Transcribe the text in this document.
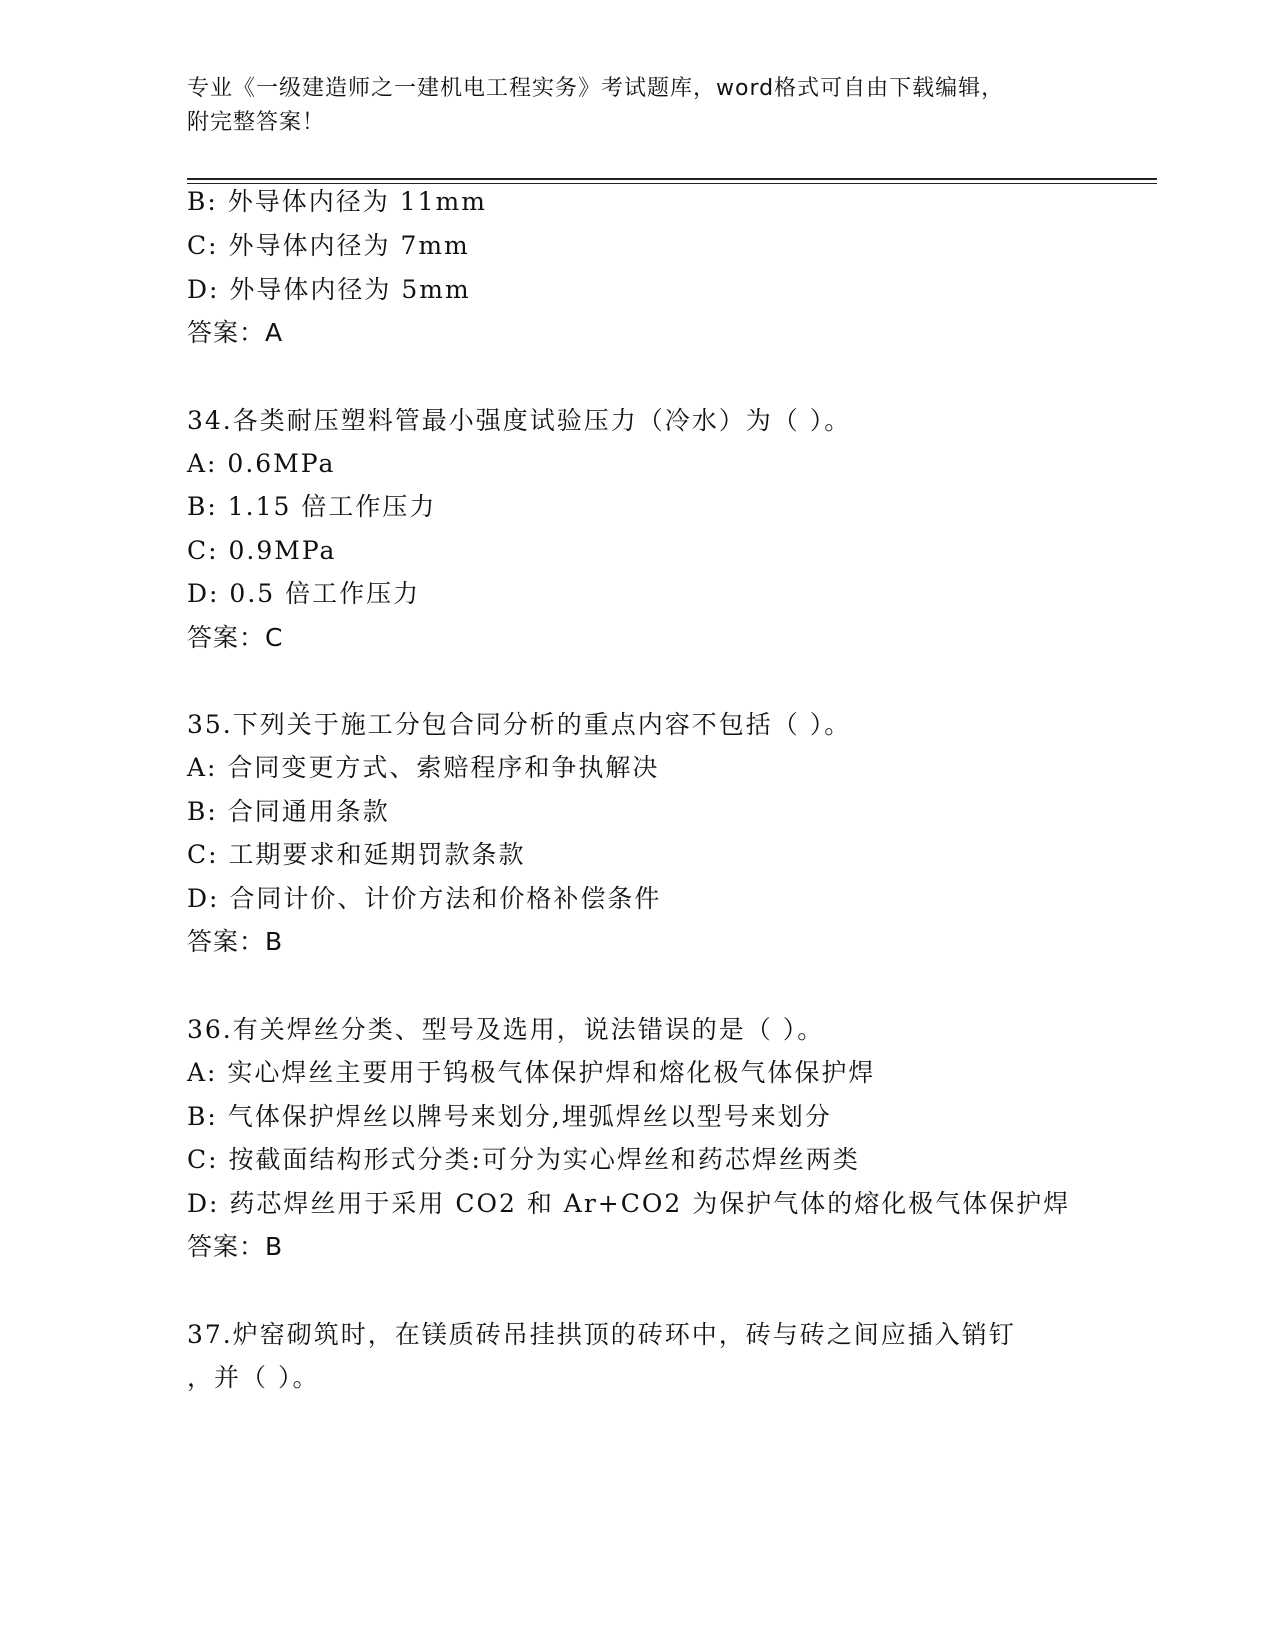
专业《一级建造师之一建机电工程实务》考试题库，word格式可自由下载编辑，
附完整答案！
B: 外导体内径为 11mm
C: 外导体内径为 7mm
D: 外导体内径为 5mm
答案：A
34.各类耐压塑料管最小强度试验压力（冷水）为（ ）。
A: 0.6MPa
B: 1.15 倍工作压力
C: 0.9MPa
D: 0.5 倍工作压力
答案：C
35.下列关于施工分包合同分析的重点内容不包括（ ）。
A: 合同变更方式、索赔程序和争执解决
B: 合同通用条款
C: 工期要求和延期罚款条款
D: 合同计价、计价方法和价格补偿条件
答案：B
36.有关焊丝分类、型号及选用，说法错误的是（ ）。
A: 实心焊丝主要用于钨极气体保护焊和熔化极气体保护焊
B: 气体保护焊丝以牌号来划分,埋弧焊丝以型号来划分
C: 按截面结构形式分类:可分为实心焊丝和药芯焊丝两类
D: 药芯焊丝用于采用 CO2 和 Ar+CO2 为保护气体的熔化极气体保护焊
答案：B
37.炉窑砌筑时，在镁质砖吊挂拱顶的砖环中，砖与砖之间应插入销钉
，并（ ）。
